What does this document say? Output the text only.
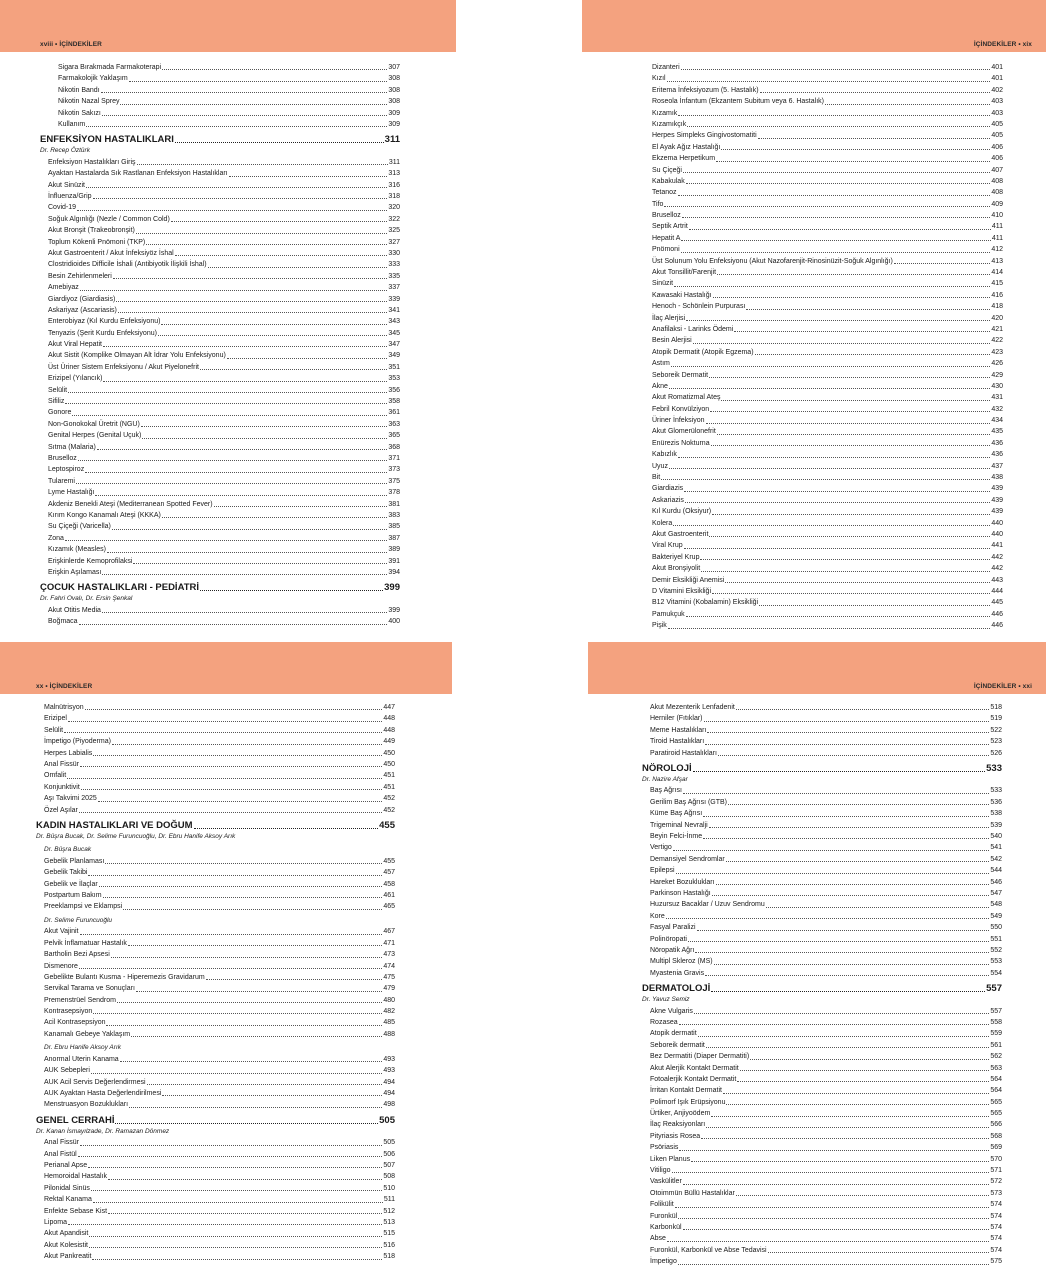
xviii • İÇİNDEKİLER
Sigara Bırakmada Farmakoterapi	307
Farmakolojik Yaklaşım	308
Nikotin Bandı	308
Nikotin Nazal Sprey	308
Nikotin Sakızı	309
Kullanım	309
ENFEKSİYON HASTALIKLARI	311
Dr. Recep Öztürk
Enfeksiyon Hastalıkları Giriş	311
Ayaktan Hastalarda Sık Rastlanan Enfeksiyon Hastalıkları	313
Akut Sinüzit	316
İnfluenza/Grip	318
Covid-19	320
Soğuk Algınlığı (Nezle / Common Cold)	322
Akut Bronşit (Trakeobronşit)	325
Toplum Kökenli Pnömoni (TKP)	327
Akut Gastroenterit / Akut İnfeksiyöz İshal	330
Clostridioides Difficile İshali (Antibiyotik İlişkili İshal)	333
Besin Zehirlenmeleri	335
Amebiyaz	337
Giardiyoz (Giardiasis)	339
Askariyaz (Ascariasis)	341
Enterobiyaz (Kıl Kurdu Enfeksiyonu)	343
Tenyazis (Şerit Kurdu Enfeksiyonu)	345
Akut Viral Hepatit	347
Akut Sistit (Komplike Olmayan Alt İdrar Yolu Enfeksiyonu)	349
Üst Üriner Sistem Enfeksiyonu / Akut Piyelonefrit	351
Erizipel (Yılancık)	353
Selülit	356
Sifiliz	358
Gonore	361
Non-Gonokokal Üretrit (NGU)	363
Genital Herpes (Genital Uçuk)	365
Sıtma (Malaria)	368
Bruselloz	371
Leptospiroz	373
Tularemi	375
Lyme Hastalığı	378
Akdeniz Benekli Ateşi (Mediterranean Spotted Fever)	381
Kırım Kongo Kanamalı Ateşi (KKKA)	383
Su Çiçeği (Varicella)	385
Zona	387
Kızamık (Measles)	389
Erişkinlerde Kemoprofilaksi	391
Erişkin Aşılaması	394
ÇOCUK HASTALIKLARI - PEDİATRİ	399
Dr. Fahri Ovalı, Dr. Ersin Şenkal
Akut Otitis Media	399
Boğmaca	400
İÇİNDEKİLER • xix
Dizanteri	401
Kızıl	401
Eritema İnfeksiyozum (5. Hastalık)	402
Roseola İnfantum (Ekzantem Subitum veya 6. Hastalık)	403
Kızamık	403
Kızamıkçık	405
Herpes Simpleks Gingivostomatiti	405
El Ayak Ağız Hastalığı	406
Ekzema Herpetikum	406
Su Çiçeği	407
Kabakulak	408
Tetanoz	408
Tifo	409
Bruselloz	410
Septik Artrit	411
Hepatit A	411
Pnömoni	412
Üst Solunum Yolu Enfeksiyonu (Akut Nazofarenjit-Rinosinüzit-Soğuk Algınlığı)	413
Akut Tonsillit/Farenjit	414
Sinüzit	415
Kawasaki Hastalığı	416
Henoch - Schönlein Purpurası	418
İlaç Alerjisi	420
Anafilaksi - Larinks Ödemi	421
Besin Alerjisi	422
Atopik Dermatit (Atopik Egzema)	423
Astım	426
Seboreik Dermatit	429
Akne	430
Akut Romatizmal Ateş	431
Febril Konvülziyon	432
Üriner İnfeksiyon	434
Akut Glomerülonefrit	435
Enürezis Nokturna	436
Kabızlık	436
Uyuz	437
Bit	438
Giardiazis	439
Askariazis	439
Kıl Kurdu (Oksiyur)	439
Kolera	440
Akut Gastroenterit	440
Viral Krup	441
Bakteriyel Krup	442
Akut Bronşiyolit	442
Demir Eksikliği Anemisi	443
D Vitamini Eksikliği	444
B12 Vitamini (Kobalamin) Eksikliği	445
Pamukçuk	446
Pişik	446
xx • İÇİNDEKİLER
Malnütrisyon	447
Erizipel	448
Selülit	448
İmpetigo (Piyoderma)	449
Herpes Labialis	450
Anal Fissür	450
Omfalit	451
Konjunktivit	451
Aşı Takvimi 2025	452
Özel Aşılar	452
KADIN HASTALIKLARI VE DOĞUM	455
Dr. Büşra Bucak, Dr. Selime Furuncuoğlu, Dr. Ebru Hanife Aksoy Arık
Dr. Büşra Bucak
Gebelik Planlaması	455
Gebelik Takibi	457
Gebelik ve İlaçlar	458
Postpartum Bakım	461
Preeklampsi ve Eklampsi	465
Dr. Selime Furuncuoğlu
Akut Vajinit	467
Pelvik İnflamatuar Hastalık	471
Bartholin Bezi Apsesi	473
Dismenore	474
Gebelikte Bulantı Kusma - Hiperemezis Gravidarum	475
Servikal Tarama ve Sonuçları	479
Premenstrüel Sendrom	480
Kontrasepsiyon	482
Acil Kontrasepsiyon	485
Kanamalı Gebeye Yaklaşım	488
Dr. Ebru Hanife Aksoy Arık
Anormal Uterin Kanama	493
AUK Sebepleri	493
AUK Acil Servis Değerlendirmesi	494
AUK Ayaktan Hasta Değerlendirilmesi	494
Menstruasyon Bozuklukları	498
GENEL CERRAHİ	505
Dr. Kanan İsmayılzade, Dr. Ramazan Dönmez
Anal Fissür	505
Anal Fistül	506
Perianal Apse	507
Hemoroidal Hastalık	508
Pilonidal Sinüs	510
Rektal Kanama	511
Enfekte Sebase Kist	512
Lipoma	513
Akut Apandisit	515
Akut Kolesistit	516
Akut Pankreatit	518
İÇİNDEKİLER • xxi
Akut Mezenterik Lenfadenit	518
Herniler (Fıtıklar)	519
Meme Hastalıkları	522
Tiroid Hastalıkları	523
Paratiroid Hastalıkları	526
NÖROLOJİ	533
Dr. Nazire Afşar
Baş Ağrısı	533
Gerilim Baş Ağrısı (GTB)	536
Küme Baş Ağrısı	538
Trigeminal Nevralji	539
Beyin Felci-İnme	540
Vertigo	541
Demansiyel Sendromlar	542
Epilepsi	544
Hareket Bozuklukları	546
Parkinson Hastalığı	547
Huzursuz Bacaklar / Uzuv Sendromu	548
Kore	549
Fasyal Paralizi	550
Polinöropati	551
Nöropatik Ağrı	552
Multipl Skleroz (MS)	553
Myastenia Gravis	554
DERMATOLOJİ	557
Dr. Yavuz Semiz
Akne Vulgaris	557
Rozasea	558
Atopik dermatit	559
Seboreik dermatit	561
Bez Dermatiti (Diaper Dermatiti)	562
Akut Alerjik Kontakt Dermatit	563
Fotoalerjik Kontakt Dermatit	564
İrritan Kontakt Dermatit	564
Polimorf Işık Erüpsiyonu	565
Ürtiker, Anjiyoödem	565
İlaç Reaksiyonları	566
Pityriasis Rosea	568
Psöriasis	569
Liken Planus	570
Vitiligo	571
Vaskülitler	572
Otoimmün Büllü Hastalıklar	573
Folikülit	574
Furonkül	574
Karbonkül	574
Abse	574
Furonkül, Karbonkül ve Abse Tedavisi	574
İmpetigo	575
